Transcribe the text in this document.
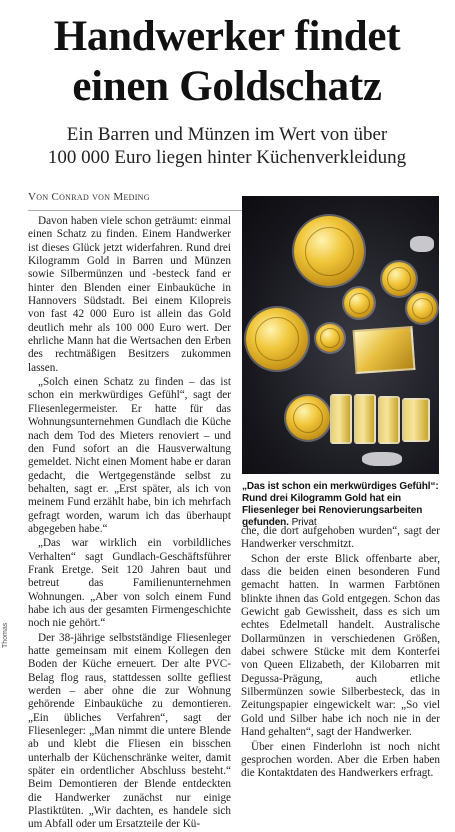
Handwerker findet
einen Goldschatz
Ein Barren und Münzen im Wert von über
100 000 Euro liegen hinter Küchenverkleidung
Von Conrad von Meding

Davon haben viele schon geträumt: einmal einen Schatz zu finden. Einem Handwerker ist dieses Glück jetzt widerfahren. Rund drei Kilogramm Gold in Barren und Münzen sowie Silbermünzen und -besteck fand er hinter den Blenden einer Einbauküche in Hannovers Südstadt. Bei einem Kilopreis von fast 42 000 Euro ist allein das Gold deutlich mehr als 100 000 Euro wert. Der ehrliche Mann hat die Wertsachen den Erben des rechtmäßigen Besitzers zukommen lassen.

„Solch einen Schatz zu finden – das ist schon ein merkwürdiges Gefühl“, sagt der Fliesenlegermeister. Er hatte für das Wohnungsunternehmen Gundlach die Küche nach dem Tod des Mieters renoviert – und den Fund sofort an die Hausverwaltung gemeldet. Nicht einen Moment habe er daran gedacht, die Wertgegenstände selbst zu behalten, sagt er. „Erst später, als ich von meinem Fund erzählt habe, bin ich mehrfach gefragt worden, warum ich das überhaupt abgegeben habe.“

„Das war wirklich ein vorbildliches Verhalten“ sagt Gundlach-Geschäftsführer Frank Eretge. Seit 120 Jahren baut und betreut das Familienunternehmen Wohnungen. „Aber von solch einem Fund habe ich aus der gesamten Firmengeschichte noch nie gehört.“

Der 38-jährige selbstständige Fliesenleger hatte gemeinsam mit einem Kollegen den Boden der Küche erneuert. Der alte PVC-Belag flog raus, stattdessen sollte gefliest werden – aber ohne die zur Wohnung gehörende Einbauküche zu demontieren. „Ein übliches Verfahren“, sagt der Fliesenleger: „Man nimmt die untere Blende ab und klebt die Fliesen ein bisschen unterhalb der Küchenschränke weiter, damit später ein ordentlicher Abschluss besteht.“ Beim Demontieren der Blende entdeckten die Handwerker zunächst nur einige Plastiktüten. „Wir dachten, es handele sich um Abfall oder um Ersatzteile der Kü-

„Das ist schon ein merkwürdiges Gefühl“: Rund drei Kilogramm Gold hat ein Fliesenleger bei Renovierungsarbeiten gefunden. Privat

che, die dort aufgehoben wurden“, sagt der Handwerker verschmitzt.

Schon der erste Blick offenbarte aber, dass die beiden einen besonderen Fund gemacht hatten. In warmen Farbtönen blinkte ihnen das Gold entgegen. Schon das Gewicht gab Gewissheit, dass es sich um echtes Edelmetall handelt. Australische Dollarmünzen in verschiedenen Größen, dabei schwere Stücke mit dem Konterfei von Queen Elizabeth, der Kilobarren mit Degussa-Prägung, auch etliche Silbermünzen sowie Silberbesteck, das in Zeitungspapier eingewickelt war: „So viel Gold und Silber habe ich noch nie in der Hand gehalten“, sagt der Handwerker.

Über einen Finderlohn ist noch nicht gesprochen worden. Aber die Erben haben die Kontaktdaten des Handwerkers erfragt.

Thomas
